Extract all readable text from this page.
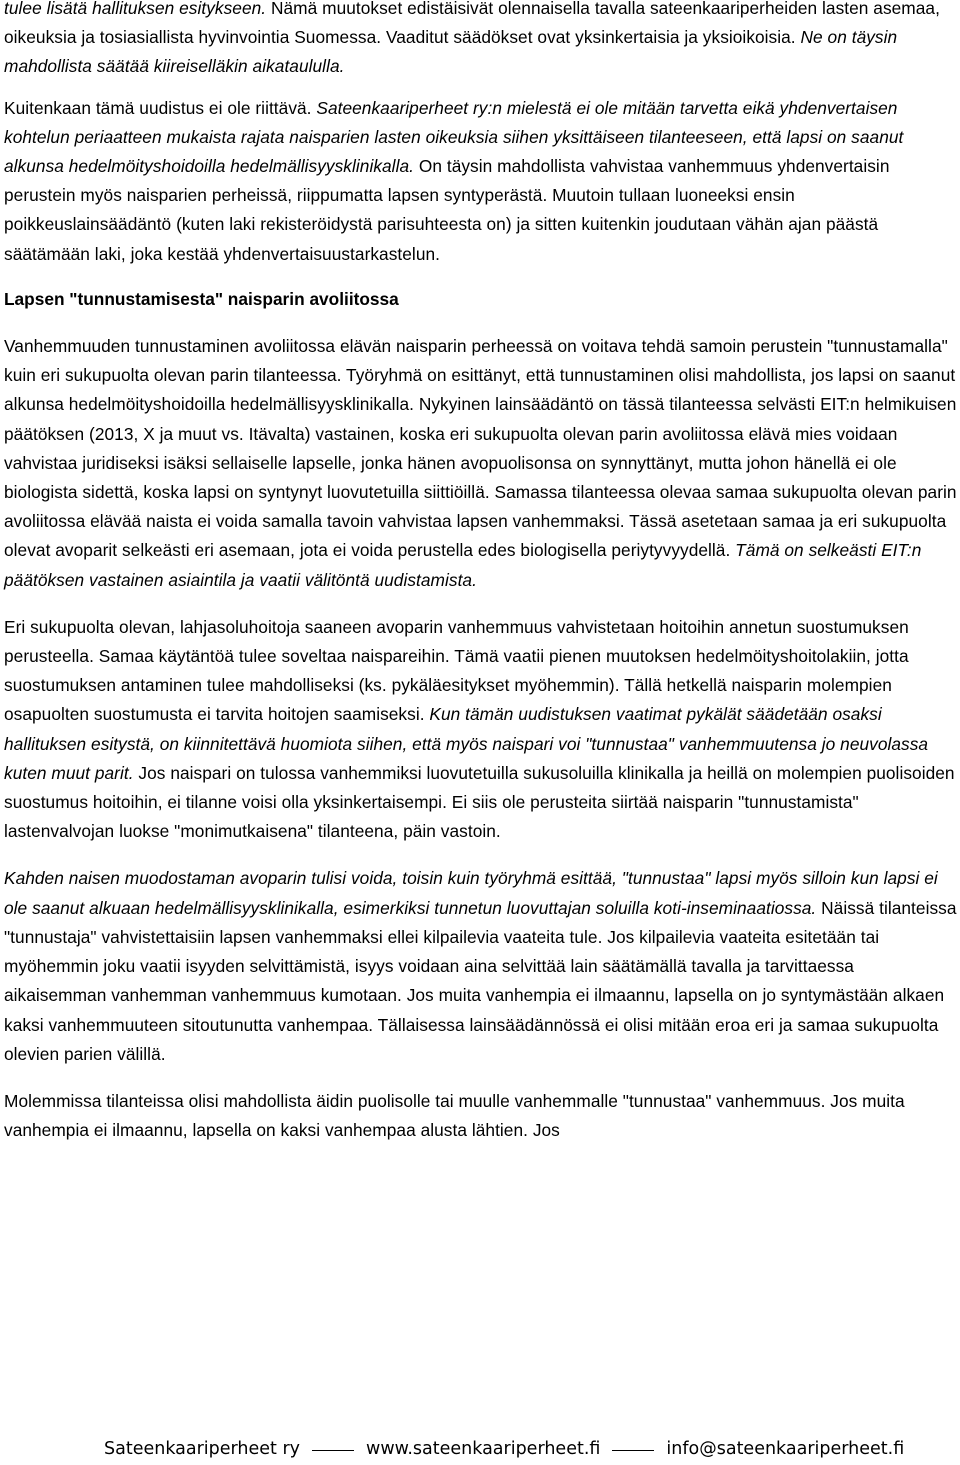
tulee lisätä hallituksen esitykseen. Nämä muutokset edistäisivät olennaisella tavalla sateenkaariperheiden lasten asemaa, oikeuksia ja tosiasiallista hyvinvointia Suomessa. Vaaditut säädökset ovat yksinkertaisia ja yksioikoisia. Ne on täysin mahdollista säätää kiireiselläkin aikataululla.

Kuitenkaan tämä uudistus ei ole riittävä. Sateenkaariperheet ry:n mielestä ei ole mitään tarvetta eikä yhdenvertaisen kohtelun periaatteen mukaista rajata naisparien lasten oikeuksia siihen yksittäiseen tilanteeseen, että lapsi on saanut alkunsa hedelmöityshoidoilla hedelmällisyysklinikalla. On täysin mahdollista vahvistaa vanhemmuus yhdenvertaisin perustein myös naisparien perheissä, riippumatta lapsen syntyperästä. Muutoin tullaan luoneeksi ensin poikkeuslainsäädäntö (kuten laki rekisteröidystä parisuhteesta on) ja sitten kuitenkin joudutaan vähän ajan päästä säätämään laki, joka kestää yhdenvertaisuustarkastelun.

Lapsen "tunnustamisesta" naisparin avoliitossa

Vanhemmuuden tunnustaminen avoliitossa elävän naisparin perheessä on voitava tehdä samoin perustein "tunnustamalla" kuin eri sukupuolta olevan parin tilanteessa. Työryhmä on esittänyt, että tunnustaminen olisi mahdollista, jos lapsi on saanut alkunsa hedelmöityshoidoilla hedelmällisyysklinikalla. Nykyinen lainsäädäntö on tässä tilanteessa selvästi EIT:n helmikuisen päätöksen (2013, X ja muut vs. Itävalta) vastainen, koska eri sukupuolta olevan parin avoliitossa elävä mies voidaan vahvistaa juridiseksi isäksi sellaiselle lapselle, jonka hänen avopuolisonsa on synnyttänyt, mutta johon hänellä ei ole biologista sidettä, koska lapsi on syntynyt luovutetuilla siittiöillä. Samassa tilanteessa olevaa samaa sukupuolta olevan parin avoliitossa elävää naista ei voida samalla tavoin vahvistaa lapsen vanhemmaksi. Tässä asetetaan samaa ja eri sukupuolta olevat avoparit selkeästi eri asemaan, jota ei voida perustella edes biologisella periytyvyydellä. Tämä on selkeästi EIT:n päätöksen vastainen asiaintila ja vaatii välitöntä uudistamista.

Eri sukupuolta olevan, lahjasoluhoitoja saaneen avoparin vanhemmuus vahvistetaan hoitoihin annetun suostumuksen perusteella. Samaa käytäntöä tulee soveltaa naispareihin. Tämä vaatii pienen muutoksen hedelmöityshoitolakiin, jotta suostumuksen antaminen tulee mahdolliseksi (ks. pykäläesitykset myöhemmin). Tällä hetkellä naisparin molempien osapuolten suostumusta ei tarvita hoitojen saamiseksi. Kun tämän uudistuksen vaatimat pykälät säädetään osaksi hallituksen esitystä, on kiinnitettävä huomiota siihen, että myös naispari voi "tunnustaa" vanhemmuutensa jo neuvolassa kuten muut parit. Jos naispari on tulossa vanhemmiksi luovutetuilla sukusoluilla klinikalla ja heillä on molempien puolisoiden suostumus hoitoihin, ei tilanne voisi olla yksinkertaisempi. Ei siis ole perusteita siirtää naisparin "tunnustamista" lastenvalvojan luokse "monimutkaisena" tilanteena, päin vastoin.

Kahden naisen muodostaman avoparin tulisi voida, toisin kuin työryhmä esittää, "tunnustaa" lapsi myös silloin kun lapsi ei ole saanut alkuaan hedelmällisyysklinikalla, esimerkiksi tunnetun luovuttajan soluilla koti-inseminaatiossa. Näissä tilanteissa "tunnustaja" vahvistettaisiin lapsen vanhemmaksi ellei kilpailevia vaateita tule. Jos kilpailevia vaateita esitetään tai myöhemmin joku vaatii isyyden selvittämistä, isyys voidaan aina selvittää lain säätämällä tavalla ja tarvittaessa aikaisemman vanhemman vanhemmuus kumotaan. Jos muita vanhempia ei ilmaannu, lapsella on jo syntymästään alkaen kaksi vanhemmuuteen sitoutunutta vanhempaa. Tällaisessa lainsäädännössä ei olisi mitään eroa eri ja samaa sukupuolta olevien parien välillä.

Molemmissa tilanteissa olisi mahdollista äidin puolisolle tai muulle vanhemmalle "tunnustaa" vanhemmuus. Jos muita vanhempia ei ilmaannu, lapsella on kaksi vanhempaa alusta lähtien. Jos

Sateenkaariperheet ry	www.sateenkaariperheet.fi	info@sateenkaariperheet.fi
